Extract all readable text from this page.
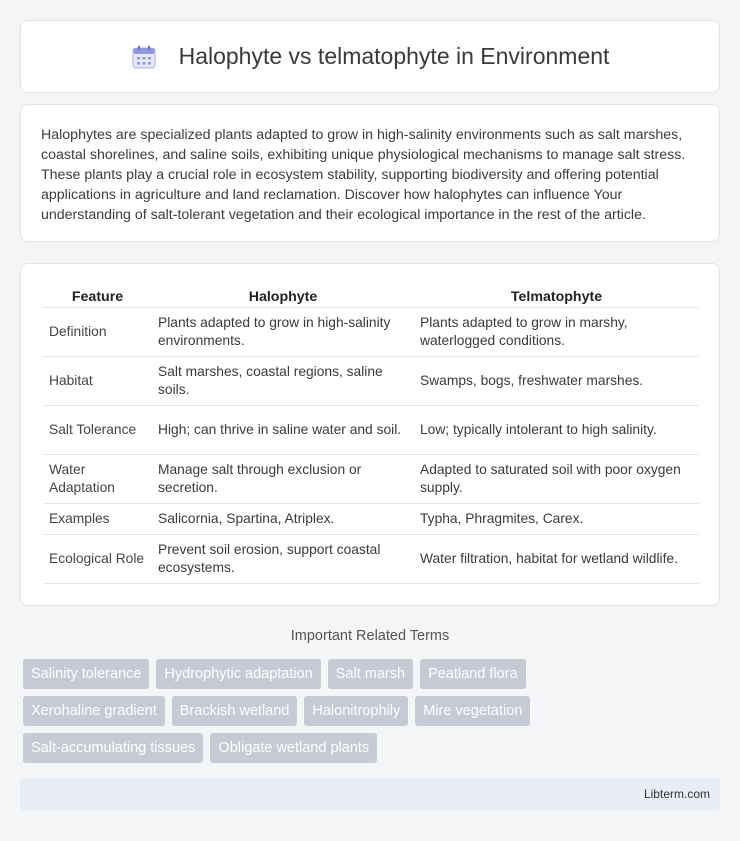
Halophyte vs telmatophyte in Environment

Halophytes are specialized plants adapted to grow in high-salinity environments such as salt marshes, coastal shorelines, and saline soils, exhibiting unique physiological mechanisms to manage salt stress. These plants play a crucial role in ecosystem stability, supporting biodiversity and offering potential applications in agriculture and land reclamation. Discover how halophytes can influence Your understanding of salt-tolerant vegetation and their ecological importance in the rest of the article.

Feature	Halophyte	Telmatophyte
Definition	Plants adapted to grow in high-salinity environments.	Plants adapted to grow in marshy, waterlogged conditions.
Habitat	Salt marshes, coastal regions, saline soils.	Swamps, bogs, freshwater marshes.
Salt Tolerance	High; can thrive in saline water and soil.	Low; typically intolerant to high salinity.
Water Adaptation	Manage salt through exclusion or secretion.	Adapted to saturated soil with poor oxygen supply.
Examples	Salicornia, Spartina, Atriplex.	Typha, Phragmites, Carex.
Ecological Role	Prevent soil erosion, support coastal ecosystems.	Water filtration, habitat for wetland wildlife.
Important Related Terms
Salinity tolerance	Hydrophytic adaptation	Salt marsh	Peatland flora
Xerohaline gradient	Brackish wetland	Halonitrophily	Mire vegetation
Salt-accumulating tissues	Obligate wetland plants
Libterm.com
